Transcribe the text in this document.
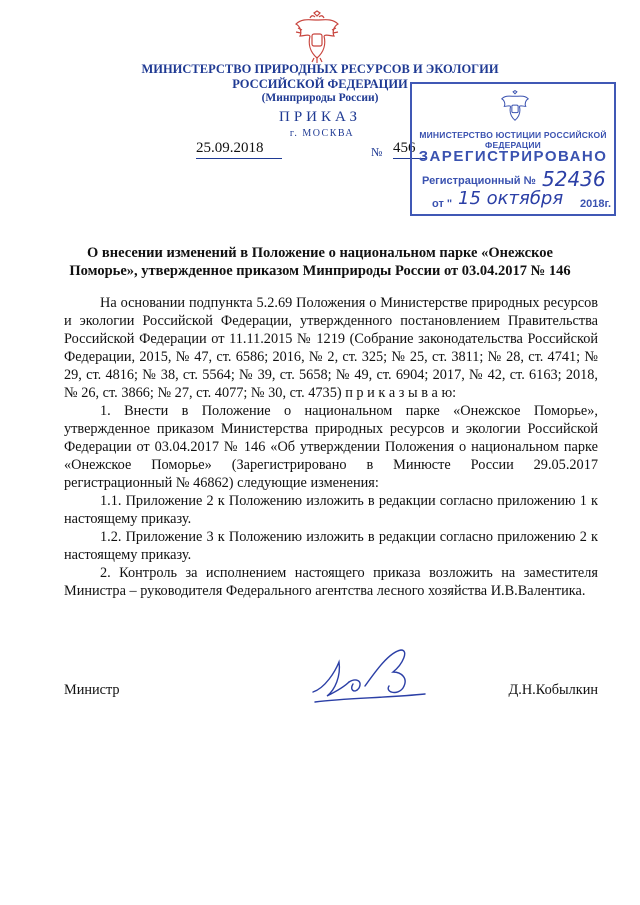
МИНИСТЕРСТВО ПРИРОДНЫХ РЕСУРСОВ И ЭКОЛОГИИ
РОССИЙСКОЙ ФЕДЕРАЦИИ
(Минприроды России)
ПРИКАЗ
г. МОСКВА
25.09.2018	№ 456
МИНИСТЕРСТВО ЮСТИЦИИ РОССИЙСКОЙ ФЕДЕРАЦИИ
ЗАРЕГИСТРИРОВАНО
Регистрационный № 52436
от " 15 октября 2018г.
О внесении изменений в Положение о национальном парке «Онежское Поморье», утвержденное приказом Минприроды России от 03.04.2017 № 146

На основании подпункта 5.2.69 Положения о Министерстве природных ресурсов и экологии Российской Федерации, утвержденного постановлением Правительства Российской Федерации от 11.11.2015 № 1219 (Собрание законодательства Российской Федерации, 2015, № 47, ст. 6586; 2016, № 2, ст. 325; № 25, ст. 3811; № 28, ст. 4741; № 29, ст. 4816; № 38, ст. 5564; № 39, ст. 5658; № 49, ст. 6904; 2017, № 42, ст. 6163; 2018, № 26, ст. 3866; № 27, ст. 4077; № 30, ст. 4735) п р и к а з ы в а ю:

1. Внести в Положение о национальном парке «Онежское Поморье», утвержденное приказом Министерства природных ресурсов и экологии Российской Федерации от 03.04.2017 № 146 «Об утверждении Положения о национальном парке «Онежское Поморье» (Зарегистрировано в Минюсте России 29.05.2017 регистрационный № 46862) следующие изменения:

1.1. Приложение 2 к Положению изложить в редакции согласно приложению 1 к настоящему приказу.

1.2. Приложение 3 к Положению изложить в редакции согласно приложению 2 к настоящему приказу.

2. Контроль за исполнением настоящего приказа возложить на заместителя Министра – руководителя Федерального агентства лесного хозяйства И.В.Валентика.

Министр	Д.Н.Кобылкин
